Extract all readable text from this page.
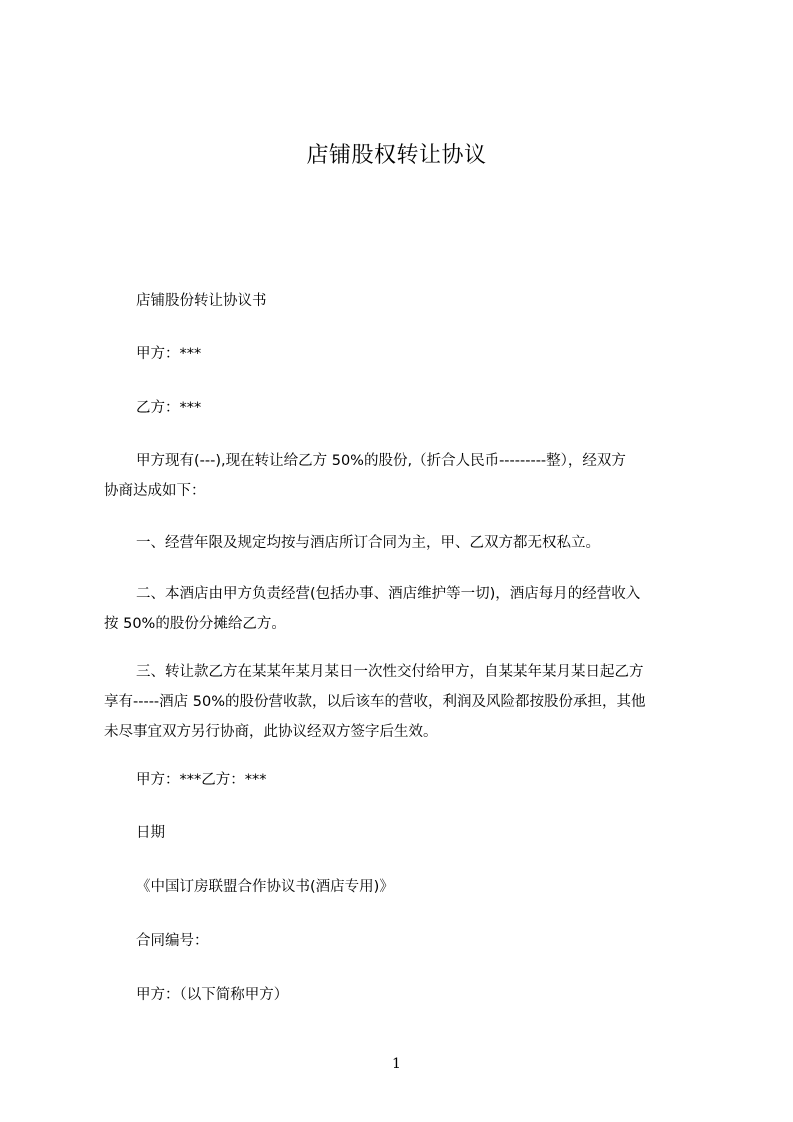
店铺股权转让协议

店铺股份转让协议书

甲方：***

乙方：***

甲方现有(---),现在转让给乙方 50%的股份,（折合人民币---------整），经双方
协商达成如下：

一、经营年限及规定均按与酒店所订合同为主，甲、乙双方都无权私立。

二、本酒店由甲方负责经营(包括办事、酒店维护等一切)，酒店每月的经营收入
按 50%的股份分摊给乙方。

三、转让款乙方在某某年某月某日一次性交付给甲方，自某某年某月某日起乙方
享有-----酒店 50%的股份营收款，以后该车的营收，利润及风险都按股份承担，其他
未尽事宜双方另行协商，此协议经双方签字后生效。

甲方：***乙方：***

日期

《中国订房联盟合作协议书(酒店专用)》

合同编号：

甲方：（以下简称甲方）

1
